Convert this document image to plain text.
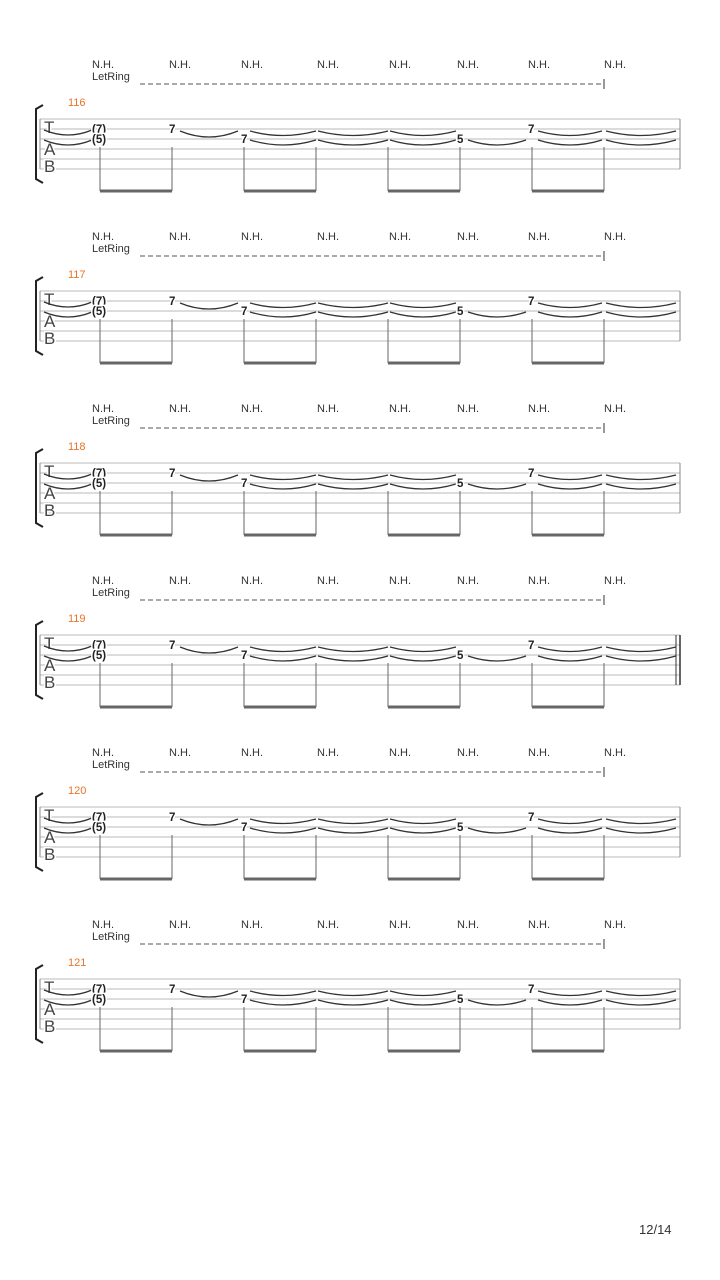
N.H.	N.H.	N.H.	N.H.	N.H.	N.H.	N.H.	N.H.
LetRing
116
T
A
B
(7)
(5)
7
7	5
7
N.H.	N.H.	N.H.	N.H.	N.H.	N.H.	N.H.	N.H.
LetRing
117
T
A
B
(7)
(5)
7
7	5
7
N.H.	N.H.	N.H.	N.H.	N.H.	N.H.	N.H.	N.H.
LetRing
118
T
A
B
(7)
(5)
7
7	5
7
N.H.	N.H.	N.H.	N.H.	N.H.	N.H.	N.H.	N.H.
LetRing
119
T
A
B
(7)
(5)
7
7	5
7
N.H.	N.H.	N.H.	N.H.	N.H.	N.H.	N.H.	N.H.
LetRing
120
T
A
B
(7)
(5)
7
7	5
7
N.H.	N.H.	N.H.	N.H.	N.H.	N.H.	N.H.	N.H.
LetRing
121
T
A
B
(7)
(5)
7
7	5
7
12/14
